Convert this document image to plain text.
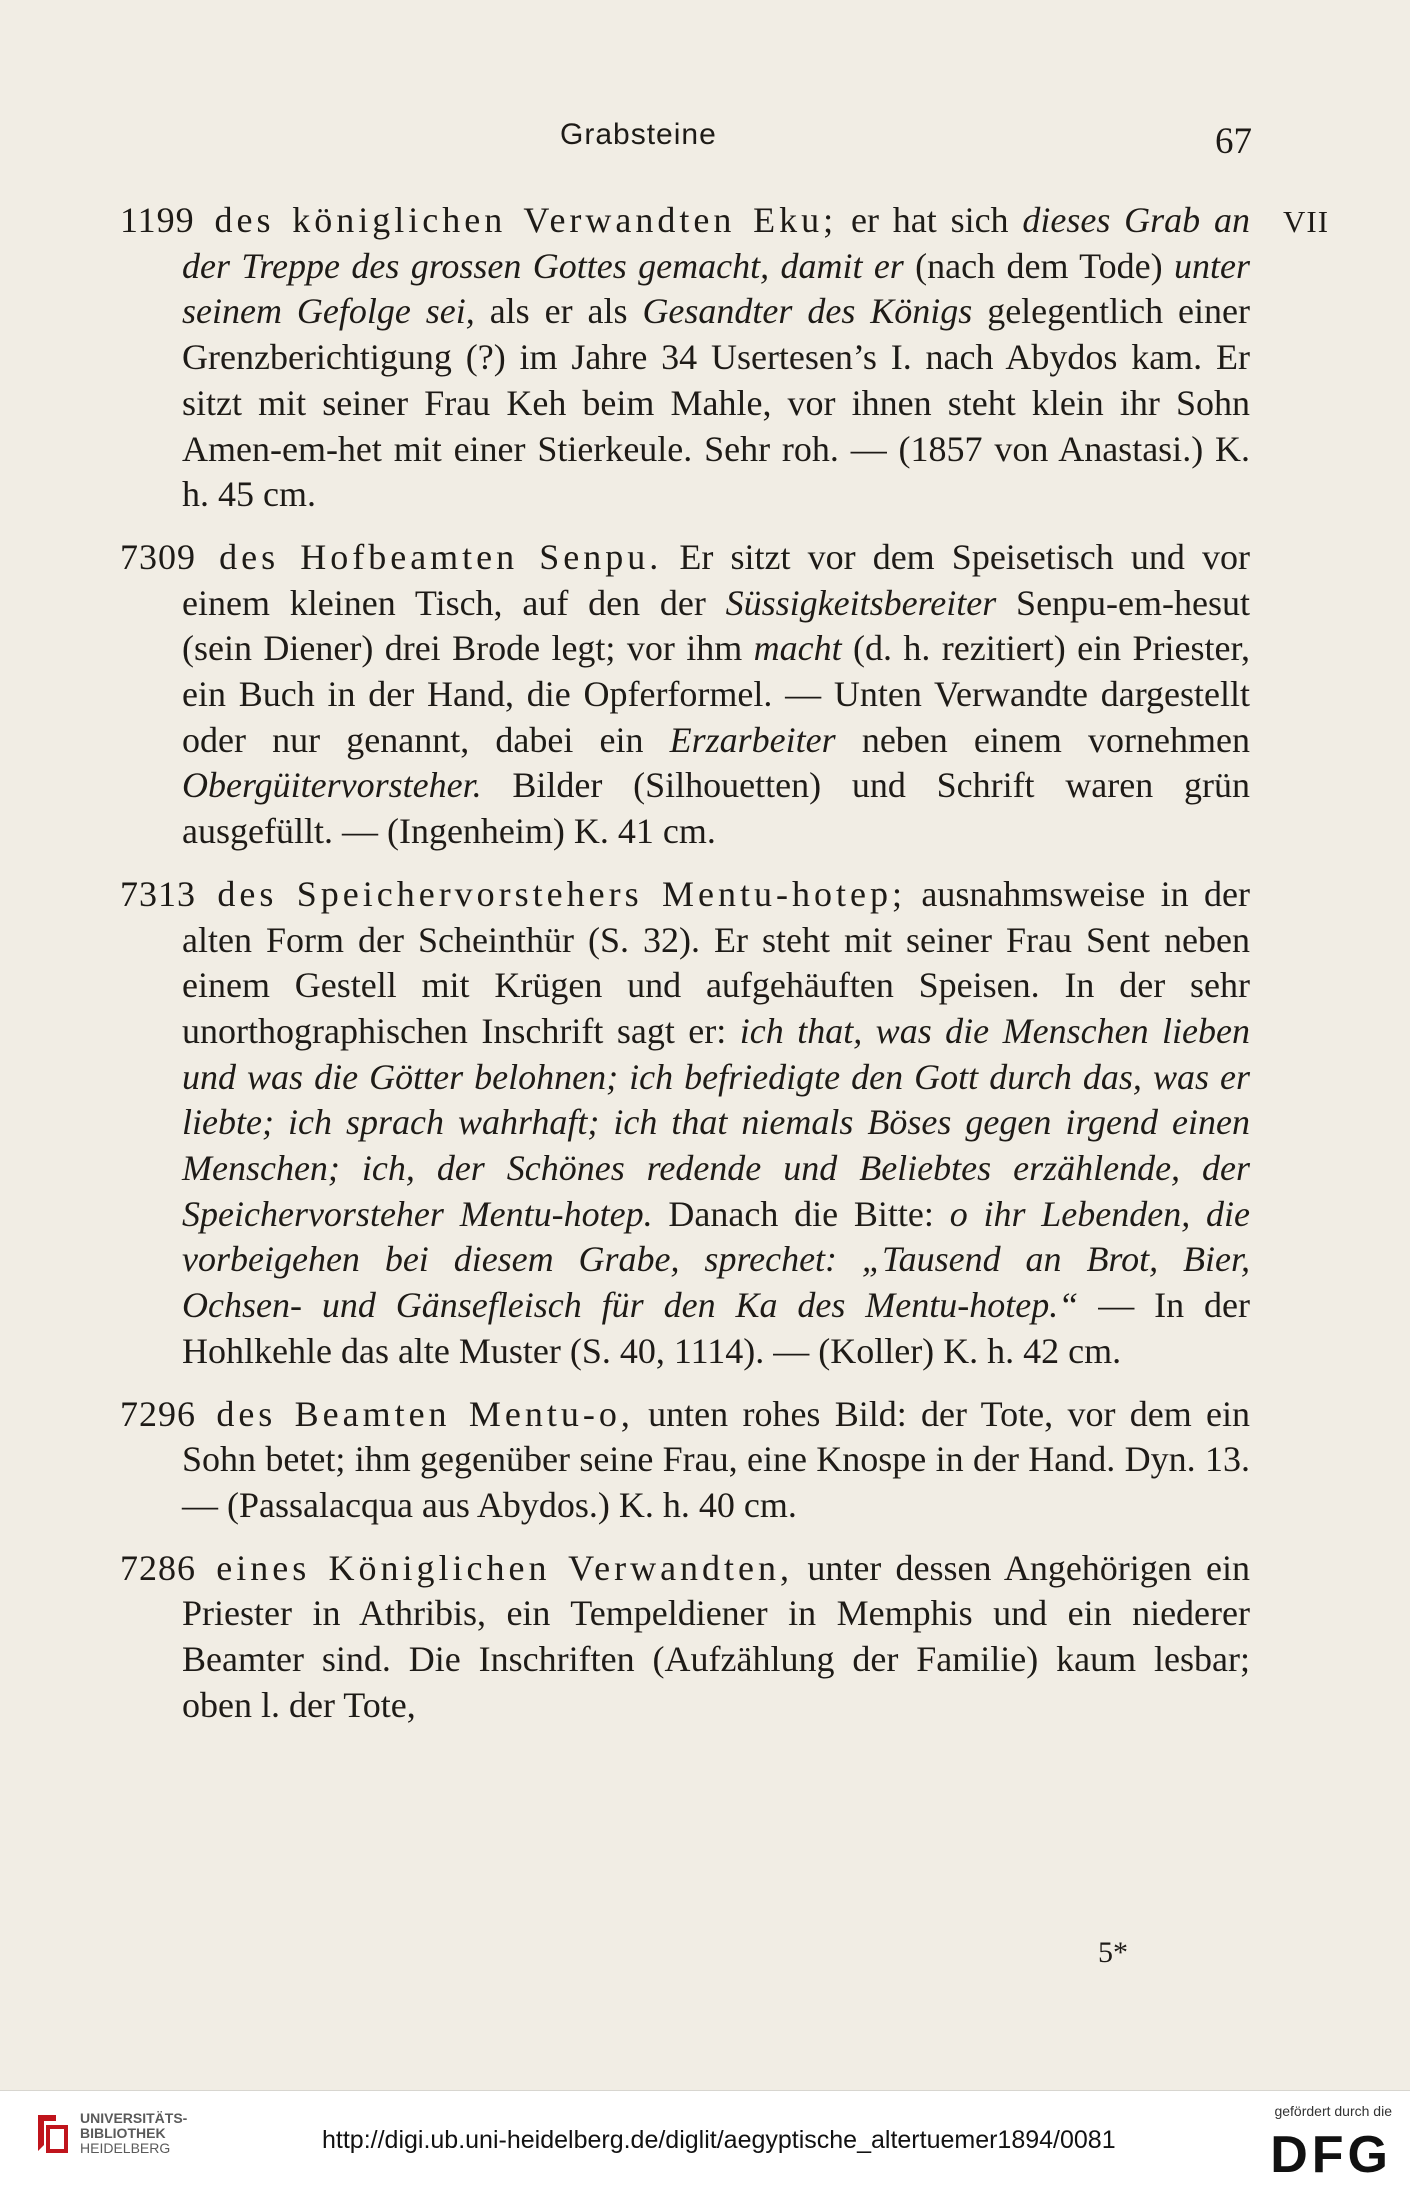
Grabsteine	67
VII

1199 des königlichen Verwandten Eku; er hat sich dieses Grab an der Treppe des grossen Gottes gemacht, damit er (nach dem Tode) unter seinem Gefolge sei, als er als Gesandter des Königs gelegentlich einer Grenzberichtigung (?) im Jahre 34 Usertesen’s I. nach Abydos kam. Er sitzt mit seiner Frau Keh beim Mahle, vor ihnen steht klein ihr Sohn Amen-em-het mit einer Stierkeule. Sehr roh. — (1857 von Anastasi.) K. h. 45 cm.

7309 des Hofbeamten Senpu. Er sitzt vor dem Speisetisch und vor einem kleinen Tisch, auf den der Süssigkeitsbereiter Senpu-em-hesut (sein Diener) drei Brode legt; vor ihm macht (d. h. rezitiert) ein Priester, ein Buch in der Hand, die Opferformel. — Unten Verwandte dargestellt oder nur genannt, dabei ein Erzarbeiter neben einem vornehmen Obergüitervorsteher. Bilder (Silhouetten) und Schrift waren grün ausgefüllt. — (Ingenheim) K. 41 cm.

7313 des Speichervorstehers Mentu-hotep; ausnahmsweise in der alten Form der Scheinthür (S. 32). Er steht mit seiner Frau Sent neben einem Gestell mit Krügen und aufgehäuften Speisen. In der sehr unorthographischen Inschrift sagt er: ich that, was die Menschen lieben und was die Götter belohnen; ich befriedigte den Gott durch das, was er liebte; ich sprach wahrhaft; ich that niemals Böses gegen irgend einen Menschen; ich, der Schönes redende und Beliebtes erzählende, der Speichervorsteher Mentu-hotep. Danach die Bitte: o ihr Lebenden, die vorbeigehen bei diesem Grabe, sprechet: „Tausend an Brot, Bier, Ochsen- und Gänsefleisch für den Ka des Mentu-hotep.“ — In der Hohlkehle das alte Muster (S. 40, 1114). — (Koller) K. h. 42 cm.

7296 des Beamten Mentu-o, unten rohes Bild: der Tote, vor dem ein Sohn betet; ihm gegenüber seine Frau, eine Knospe in der Hand. Dyn. 13. — (Passalacqua aus Abydos.) K. h. 40 cm.

7286 eines Königlichen Verwandten, unter dessen Angehörigen ein Priester in Athribis, ein Tempeldiener in Memphis und ein niederer Beamter sind. Die Inschriften (Aufzählung der Familie) kaum lesbar; oben l. der Tote,

5*
UNIVERSITÄTS-
BIBLIOTHEK
HEIDELBERG	http://digi.ub.uni-heidelberg.de/diglit/aegyptische_altertuemer1894/0081
gefördert durch die
DFG
